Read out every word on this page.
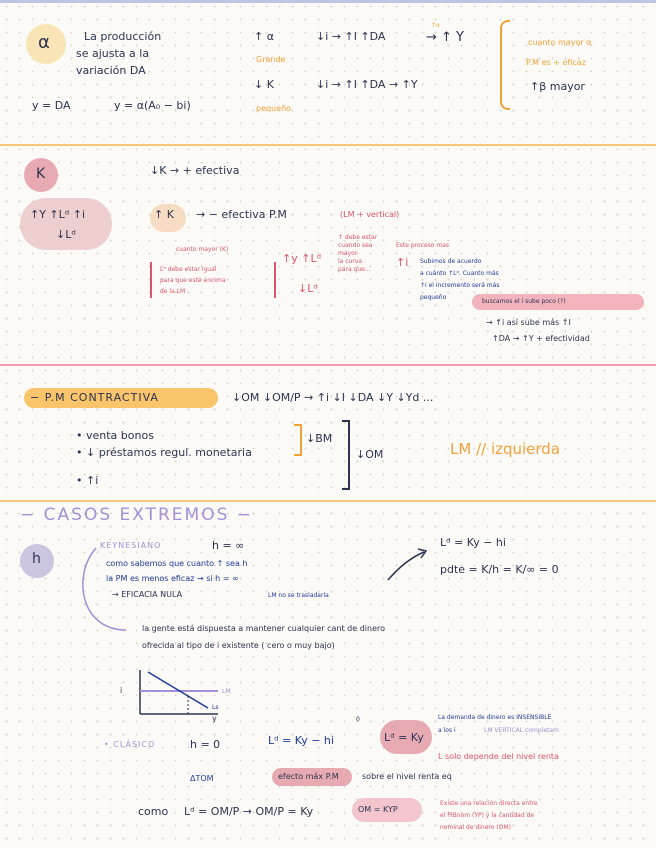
α	La producción
se ajusta a la
variación DA
y = DA	y = α(A₀ − bi)
↑ α	↓i → ↑I ↑DA
↑α
→ ↑ Y
Grande
↓ K	↓i → ↑I ↑DA → ↑Y
pequeño
cuanto mayor α
P.M es + eficaz
↑β mayor
K
↑Y ↑Lᵈ ↑i
↓Lᵈ
↓K → + efectiva
↑ K → − efectiva P.M	(LM + vertical)
cuanto mayor (K)
Lᵈ debe estar igual
para que esté encima
de la LM
↑y ↑Lᵈ
↓Lᵈ
↑ debe estar
cuando sea
mayor
la curva
para que...
Este proceso mas
↑i Subimos de acuerdo
a cuánto ↑Lᵈ. Cuanto más
↑i el incremento será más
pequeño
buscamos el i sube poco (?)
→ ↑i así sube más ↑I
↑DA → ↑Y + efectividad
− P.M CONTRACTIVA	↓OM ↓OM/P → ↑i ↓I ↓DA ↓Y ↓Yd ...
• venta bonos
• ↓ préstamos regul. monetaria
• ↑i
↓BM
↓OM	LM // izquierda
− CASOS EXTREMOS −
h
KEYNESIANO	h = ∞
como sabemos que cuanto ↑ sea h
la PM es menos eficaz → si h = ∞
→ EFICACIA NULA	LM no se trasladaría
Lᵈ = Ky − hi
pdte = K/h = K/∞ = 0
la gente está dispuesta a mantener cualquier cant de dinero
ofrecida al tipo de i existente ( cero o muy bajo)
i	LM
Ls
y
• CLÁSICO	h = 0	Lᵈ = Ky − hi
0
Lᵈ = Ky
La demanda de dinero es INSENSIBLE
a los i	LM VERTICAL completam
L solo depende del nivel renta
ΔTOM	efecto máx P.M	sobre el nivel renta eq
como Lᵈ = OM/P → OM/P = Ky	OM = KYP
Existe una relación directa entre
el PIBnom (YP) y la cantidad de
nominal de dinero (OM)
